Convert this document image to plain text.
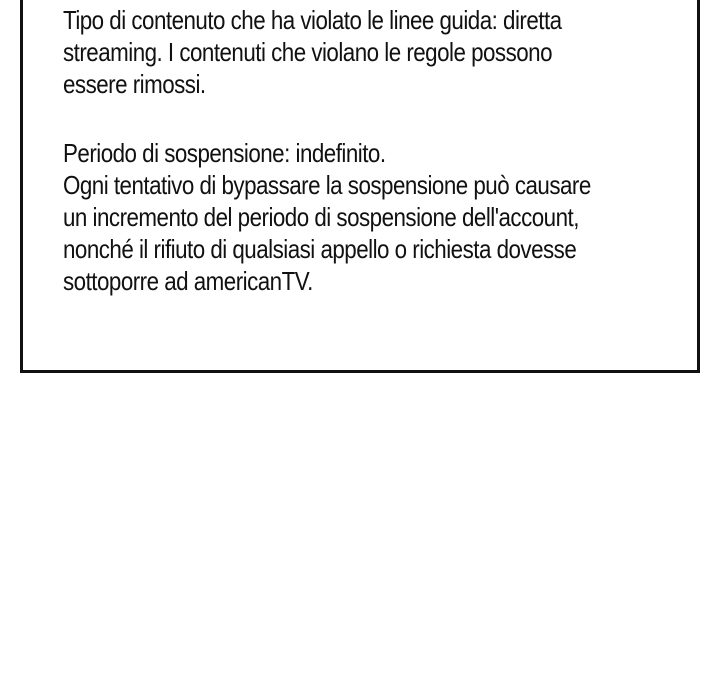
Tipo di contenuto che ha violato le linee guida: diretta
streaming. I contenuti che violano le regole possono
essere rimossi.
Periodo di sospensione: indefinito.
Ogni tentativo di bypassare la sospensione può causare
un incremento del periodo di sospensione dell'account,
nonché il rifiuto di qualsiasi appello o richiesta dovesse
sottoporre ad americanTV.
